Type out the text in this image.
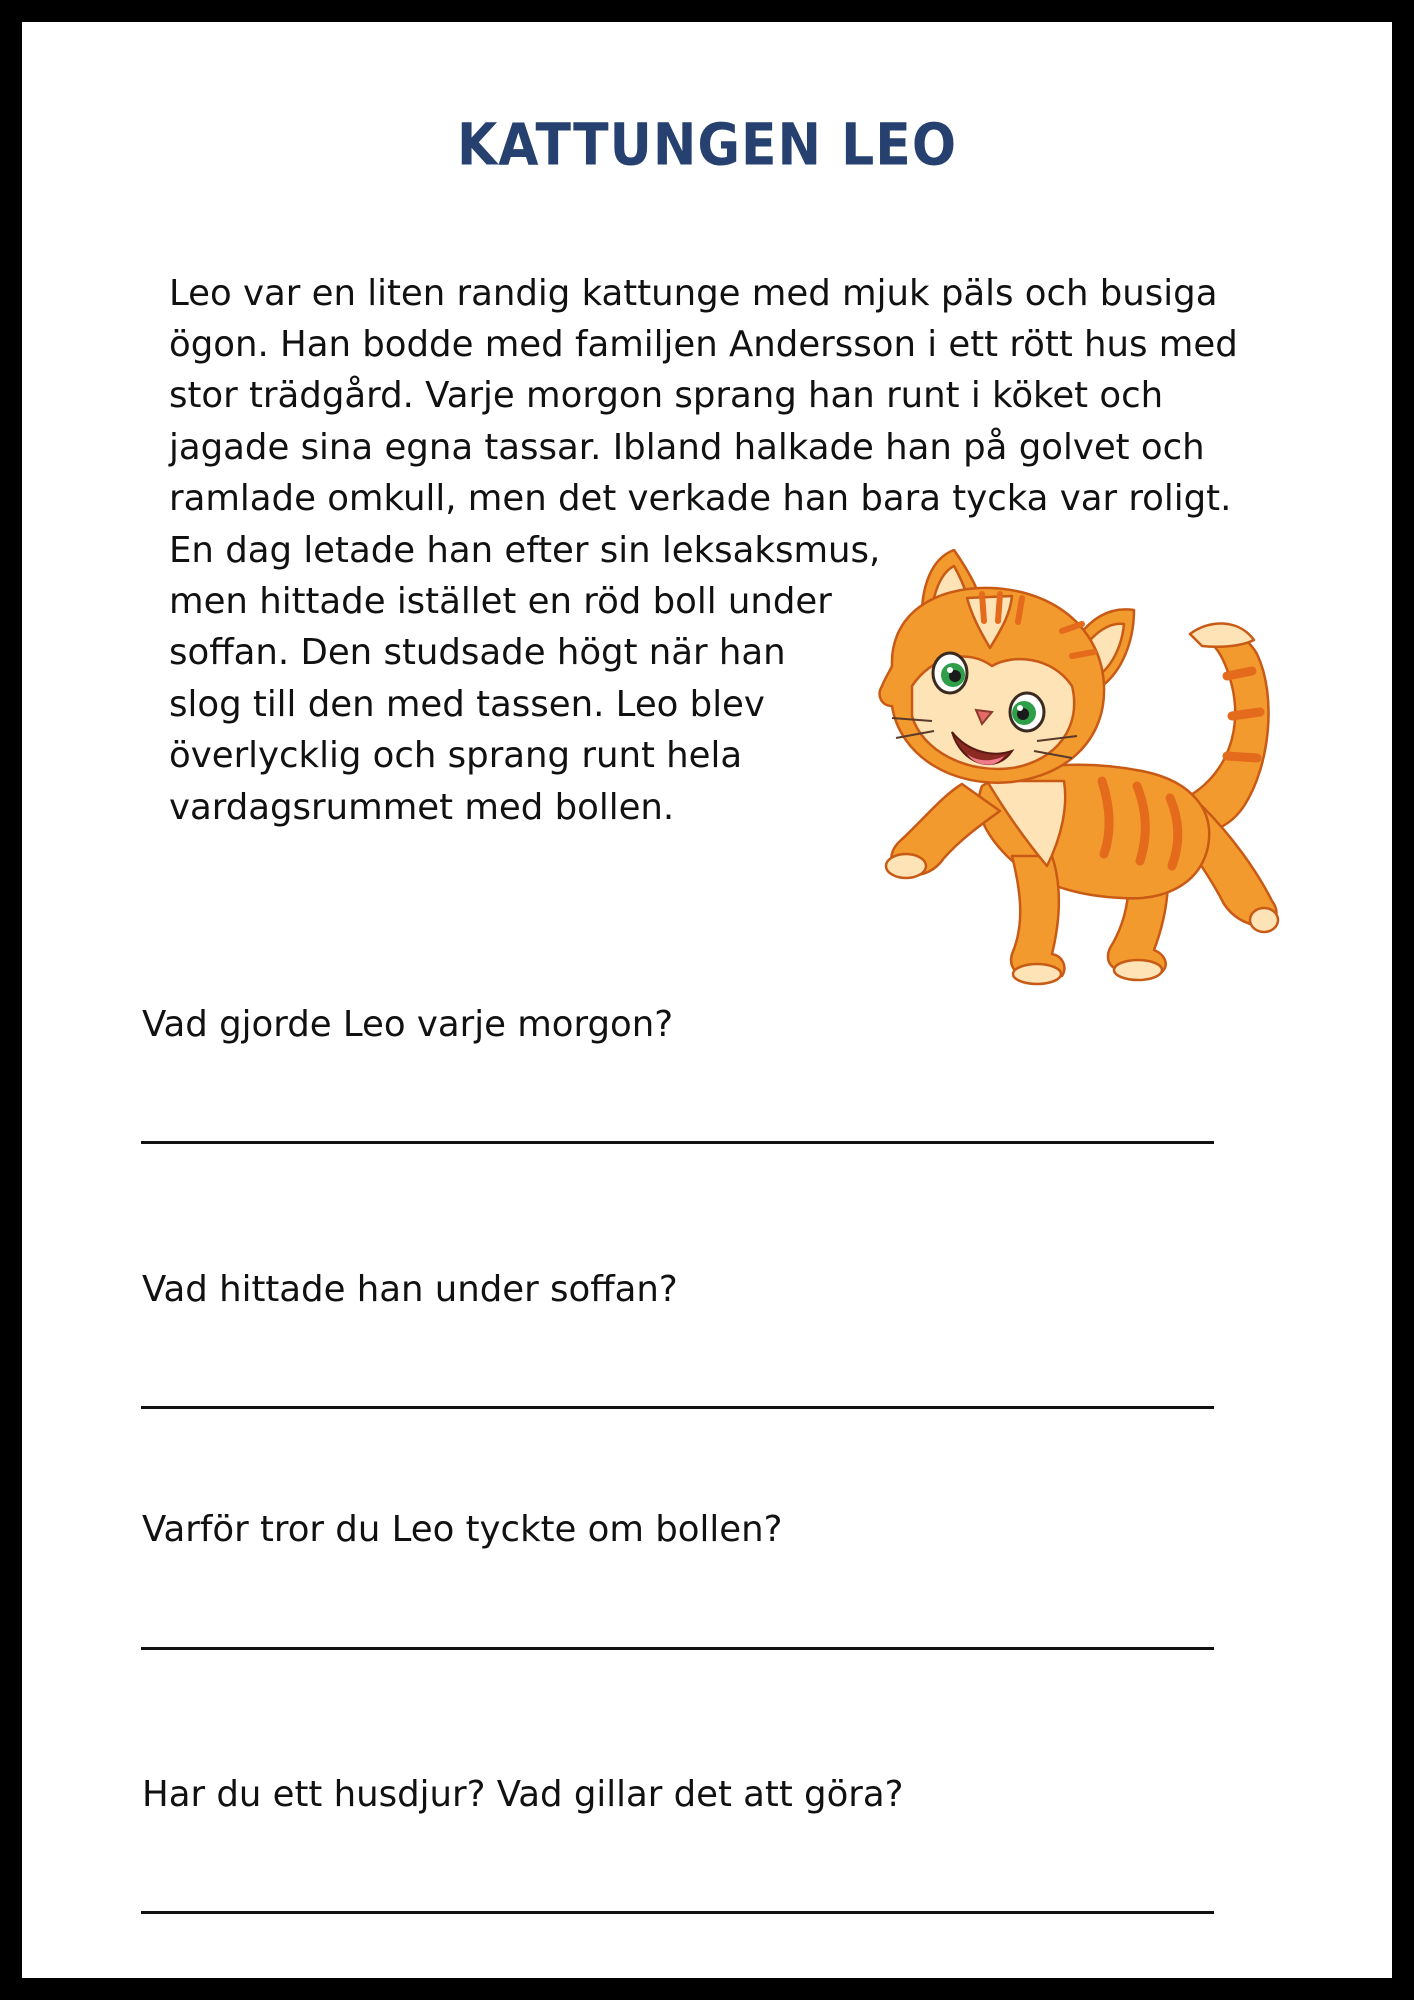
KATTUNGEN LEO
Leo var en liten randig kattunge med mjuk päls och busiga
ögon. Han bodde med familjen Andersson i ett rött hus med
stor trädgård. Varje morgon sprang han runt i köket och
jagade sina egna tassar. Ibland halkade han på golvet och
ramlade omkull, men det verkade han bara tycka var roligt.
En dag letade han efter sin leksaksmus,
men hittade istället en röd boll under
soffan. Den studsade högt när han
slog till den med tassen. Leo blev
överlycklig och sprang runt hela
vardagsrummet med bollen.
Vad gjorde Leo varje morgon?
Vad hittade han under soffan?
Varför tror du Leo tyckte om bollen?
Har du ett husdjur? Vad gillar det att göra?
